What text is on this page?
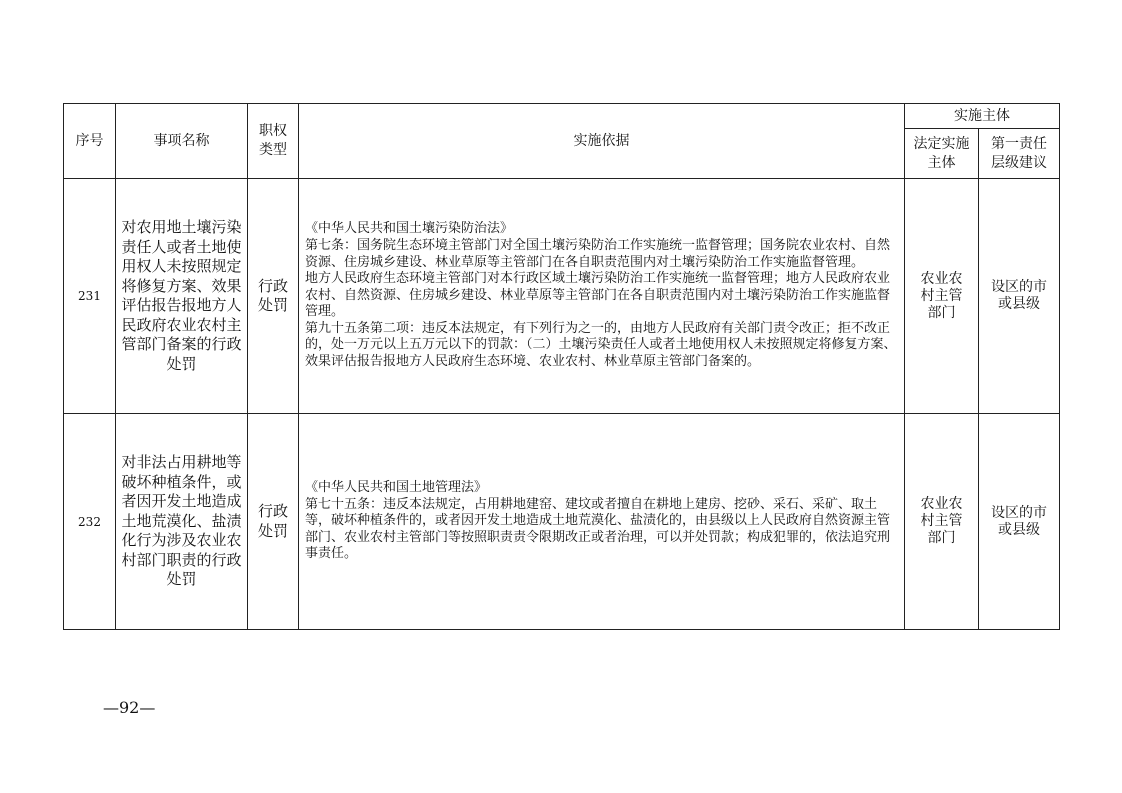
序号	事项名称	职权类型	实施依据	实施主体	
				法定实施主体	第一责任层级建议
231	对农用地土壤污染责任人或者土地使用权人未按照规定将修复方案、效果评估报告报地方人民政府农业农村主管部门备案的行政处罚	行政处罚	《中华人民共和国土壤污染防治法》

第七条：国务院生态环境主管部门对全国土壤污染防治工作实施统一监督管理；国务院农业农村、自然资源、住房城乡建设、林业草原等主管部门在各自职责范围内对土壤污染防治工作实施监督管理。

地方人民政府生态环境主管部门对本行政区域土壤污染防治工作实施统一监督管理；地方人民政府农业农村、自然资源、住房城乡建设、林业草原等主管部门在各自职责范围内对土壤污染防治工作实施监督管理。

第九十五条第二项：违反本法规定，有下列行为之一的，由地方人民政府有关部门责令改正；拒不改正的，处一万元以上五万元以下的罚款：（二）土壤污染责任人或者土地使用权人未按照规定将修复方案、效果评估报告报地方人民政府生态环境、农业农村、林业草原主管部门备案的。	农业农村主管部门	设区的市或县级
232	对非法占用耕地等破坏种植条件，或者因开发土地造成土地荒漠化、盐渍化行为涉及农业农村部门职责的行政处罚	行政处罚	《中华人民共和国土地管理法》

第七十五条：违反本法规定，占用耕地建窑、建坟或者擅自在耕地上建房、挖砂、采石、采矿、取土等，破坏种植条件的，或者因开发土地造成土地荒漠化、盐渍化的，由县级以上人民政府自然资源主管部门、农业农村主管部门等按照职责责令限期改正或者治理，可以并处罚款；构成犯罪的，依法追究刑事责任。	农业农村主管部门	设区的市或县级
—92—
